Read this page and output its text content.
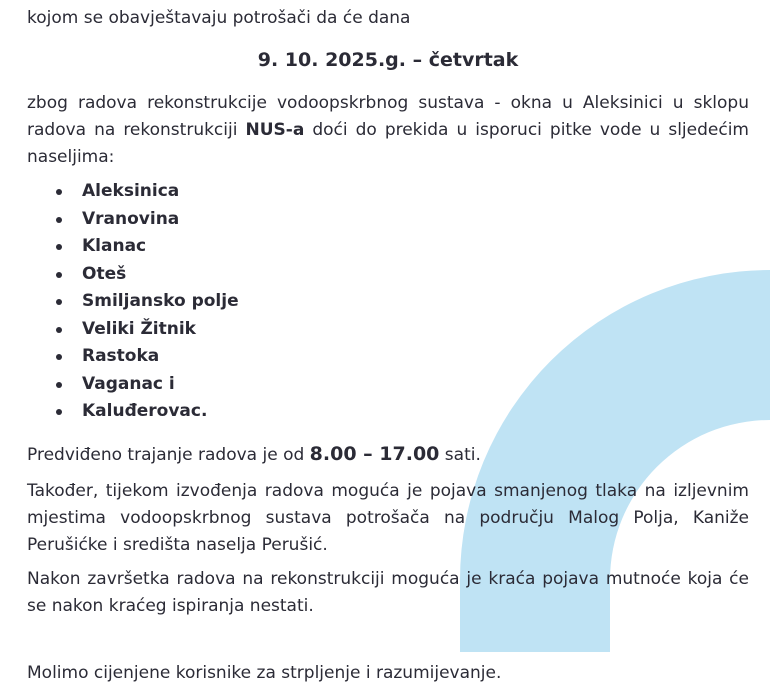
kojom se obavještavaju potrošači da će dana

9. 10. 2025.g. – četvrtak

zbog radova rekonstrukcije vodoopskrbnog sustava - okna u Aleksinici u sklopu radova na rekonstrukciji NUS-a doći do prekida u isporuci pitke vode u sljedećim naseljima:

Aleksinica
Vranovina
Klanac
Oteš
Smiljansko polje
Veliki Žitnik
Rastoka
Vaganac i
Kaluđerovac.

Predviđeno trajanje radova je od 8.00 – 17.00 sati.

Također, tijekom izvođenja radova moguća je pojava smanjenog tlaka na izljevnim mjestima vodoopskrbnog sustava potrošača na području Malog Polja, Kaniže Perušićke i središta naselja Perušić.

Nakon završetka radova na rekonstrukciji moguća je kraća pojava mutnoće koja će se nakon kraćeg ispiranja nestati.

Molimo cijenjene korisnike za strpljenje i razumijevanje.
